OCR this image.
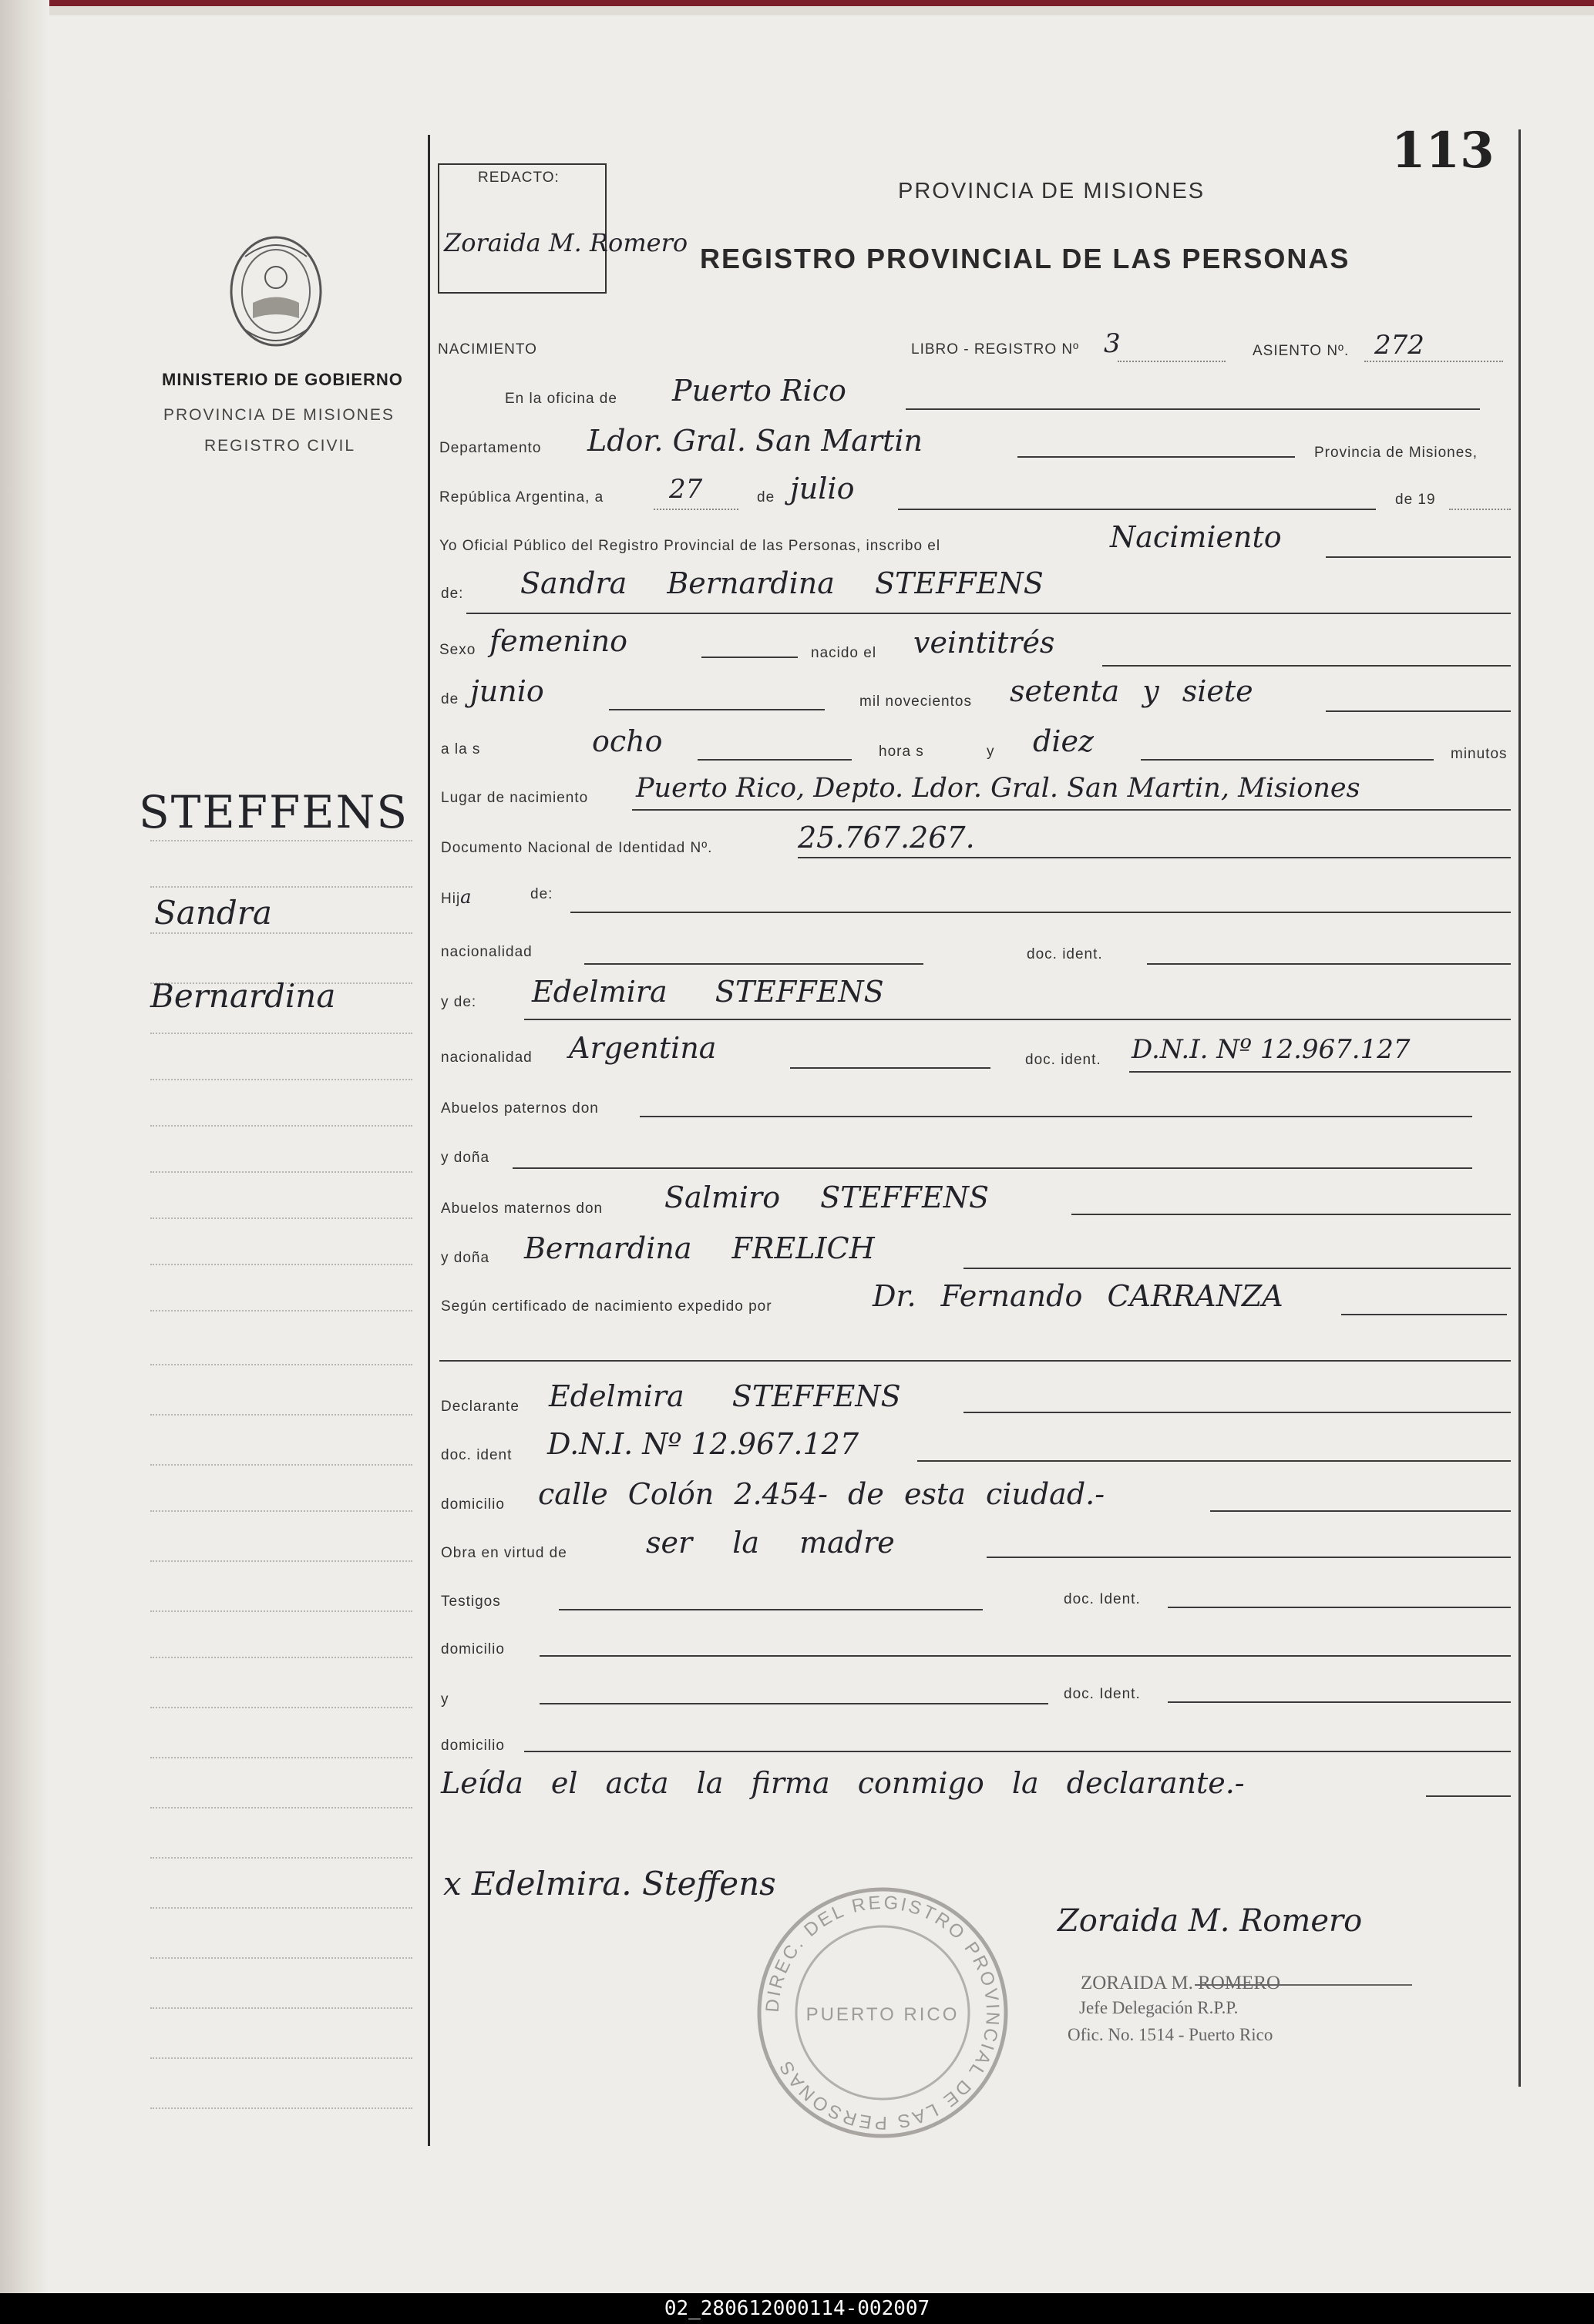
MINISTERIO DE GOBIERNO
PROVINCIA DE MISIONES
REGISTRO CIVIL
REDACTO:
Zoraida M. Romero
113
PROVINCIA DE MISIONES
REGISTRO PROVINCIAL DE LAS PERSONAS
NACIMIENTO	LIBRO - REGISTRO Nº 3	ASIENTO Nº. 272
En la oficina de Puerto Rico
Departamento Ldor. Gral. San Martin	Provincia de Misiones,
República Argentina, a 27	de julio	de 19
Yo Oficial Público del Registro Provincial de las Personas, inscribo el	Nacimiento
de: Sandra Bernardina STEFFENS
Sexo femenino	nacido el veintitrés
de junio	mil novecientos setenta y siete
a la s	ocho	hora s	y diez	minutos
Lugar de nacimiento Puerto Rico, Depto. Ldor. Gral. San Martin, Misiones
Documento Nacional de Identidad Nº.	25.767.267.
Hija	de:
nacionalidad	doc. ident.
y de: Edelmira STEFFENS
nacionalidad Argentina	doc. ident. D.N.I. Nº 12.967.127
Abuelos paternos don
y doña
Abuelos maternos don Salmiro STEFFENS
y doña Bernardina FRELICH
Según certificado de nacimiento expedido por	Dr. Fernando CARRANZA
Declarante Edelmira STEFFENS
doc. ident D.N.I. Nº 12.967.127
domicilio calle Colón 2.454- de esta ciudad.-
Obra en virtud de	ser la madre
Testigos	doc. Ident.
domicilio
y	doc. Ident.
domicilio
Leída el acta la firma conmigo la declarante.-
STEFFENS
Sandra
Bernardina
x Edelmira. Steffens
DIREC. DEL REGISTRO PROVINCIAL DE LAS PERSONAS
PUERTO RICO
Zoraida M. Romero
ZORAIDA M. ROMERO
Jefe Delegación R.P.P.
Ofic. No. 1514 - Puerto Rico
02_280612000114-002007
